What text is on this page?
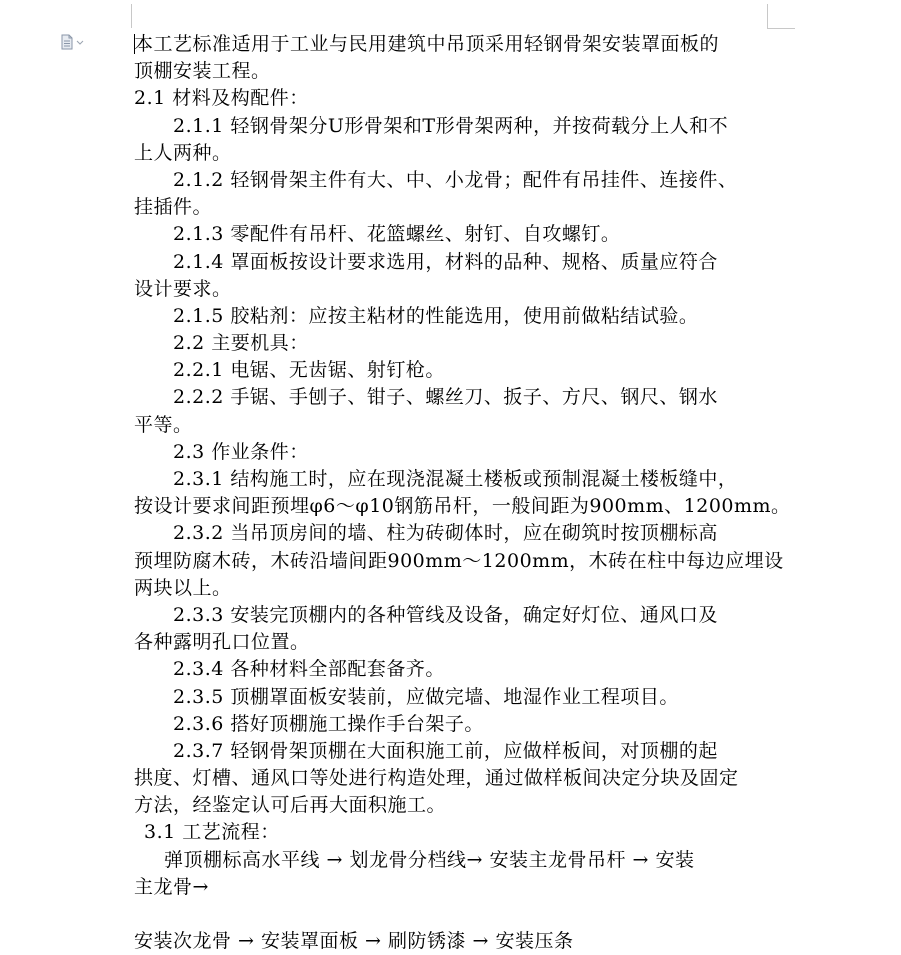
本工艺标准适用于工业与民用建筑中吊顶采用轻钢骨架安装罩面板的
顶棚安装工程。
2.1 材料及构配件：
2.1.1 轻钢骨架分U形骨架和T形骨架两种，并按荷载分上人和不
上人两种。
2.1.2 轻钢骨架主件有大、中、小龙骨；配件有吊挂件、连接件、
挂插件。
2.1.3 零配件有吊杆、花篮螺丝、射钉、自攻螺钉。
2.1.4 罩面板按设计要求选用，材料的品种、规格、质量应符合
设计要求。
2.1.5 胶粘剂：应按主粘材的性能选用，使用前做粘结试验。
2.2 主要机具：
2.2.1 电锯、无齿锯、射钉枪。
2.2.2 手锯、手刨子、钳子、螺丝刀、扳子、方尺、钢尺、钢水
平等。
2.3 作业条件：
2.3.1 结构施工时，应在现浇混凝土楼板或预制混凝土楼板缝中，
按设计要求间距预埋φ6～φ10钢筋吊杆，一般间距为900mm、1200mm。
2.3.2 当吊顶房间的墙、柱为砖砌体时，应在砌筑时按顶棚标高
预埋防腐木砖，木砖沿墙间距900mm～1200mm，木砖在柱中每边应埋设
两块以上。
2.3.3 安装完顶棚内的各种管线及设备，确定好灯位、通风口及
各种露明孔口位置。
2.3.4 各种材料全部配套备齐。
2.3.5 顶棚罩面板安装前，应做完墙、地湿作业工程项目。
2.3.6 搭好顶棚施工操作手台架子。
2.3.7 轻钢骨架顶棚在大面积施工前，应做样板间，对顶棚的起
拱度、灯槽、通风口等处进行构造处理，通过做样板间决定分块及固定
方法，经鉴定认可后再大面积施工。
3.1 工艺流程：
弹顶棚标高水平线 → 划龙骨分档线→ 安装主龙骨吊杆 → 安装
主龙骨→
安装次龙骨 → 安装罩面板 → 刷防锈漆 → 安装压条
